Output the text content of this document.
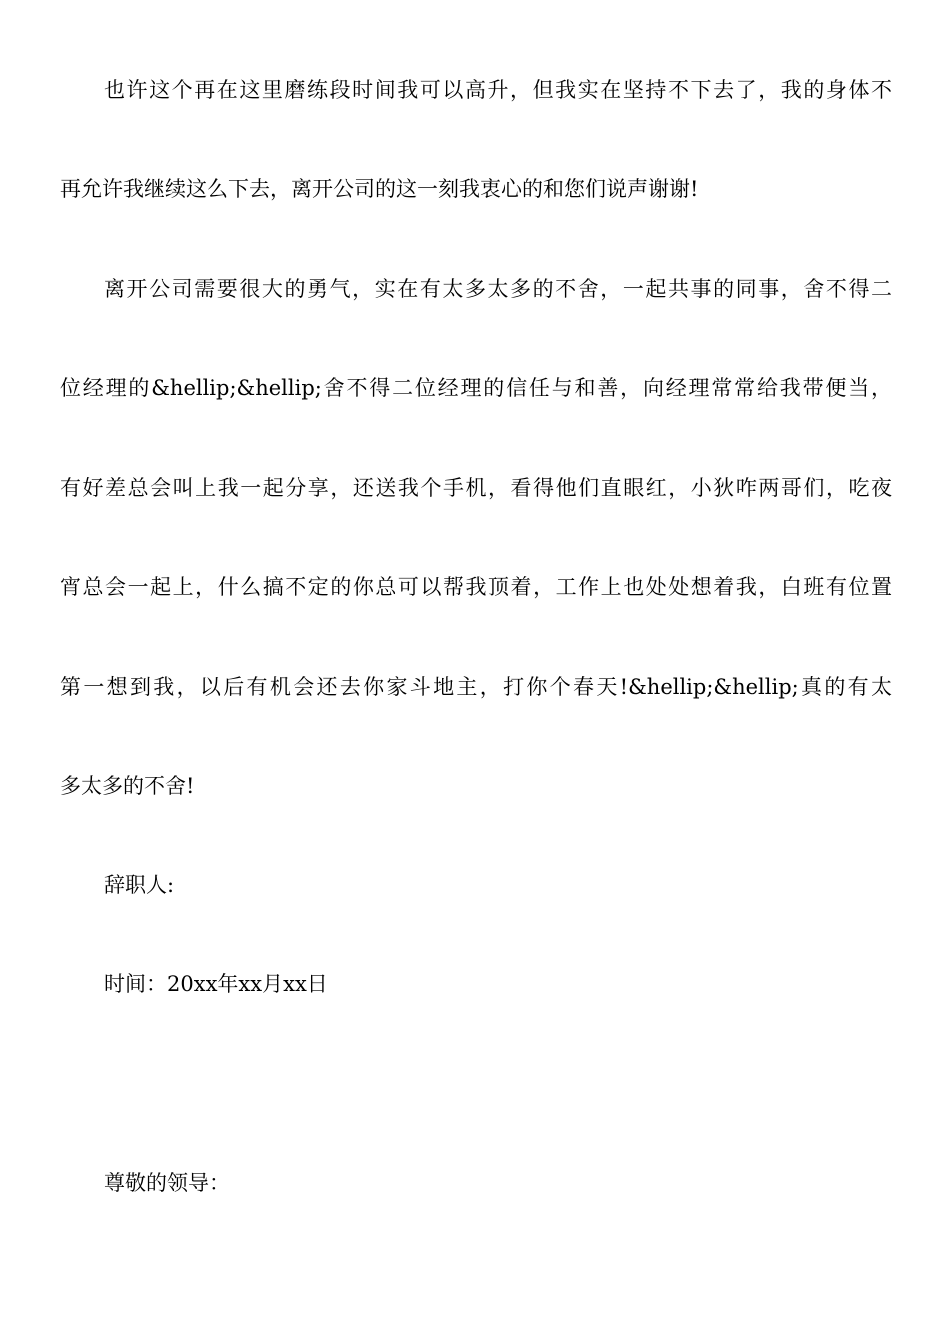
也许这个再在这里磨练段时间我可以高升，但我实在坚持不下去了，我的身体不
再允许我继续这么下去，离开公司的这一刻我衷心的和您们说声谢谢!
离开公司需要很大的勇气，实在有太多太多的不舍，一起共事的同事，舍不得二
位经理的&hellip;&hellip;舍不得二位经理的信任与和善，向经理常常给我带便当，
有好差总会叫上我一起分享，还送我个手机，看得他们直眼红，小狄咋两哥们，吃夜
宵总会一起上，什么搞不定的你总可以帮我顶着，工作上也处处想着我，白班有位置
第一想到我，以后有机会还去你家斗地主，打你个春天!&hellip;&hellip;真的有太
多太多的不舍!
辞职人:
时间：20xx年xx月xx日
尊敬的领导：
